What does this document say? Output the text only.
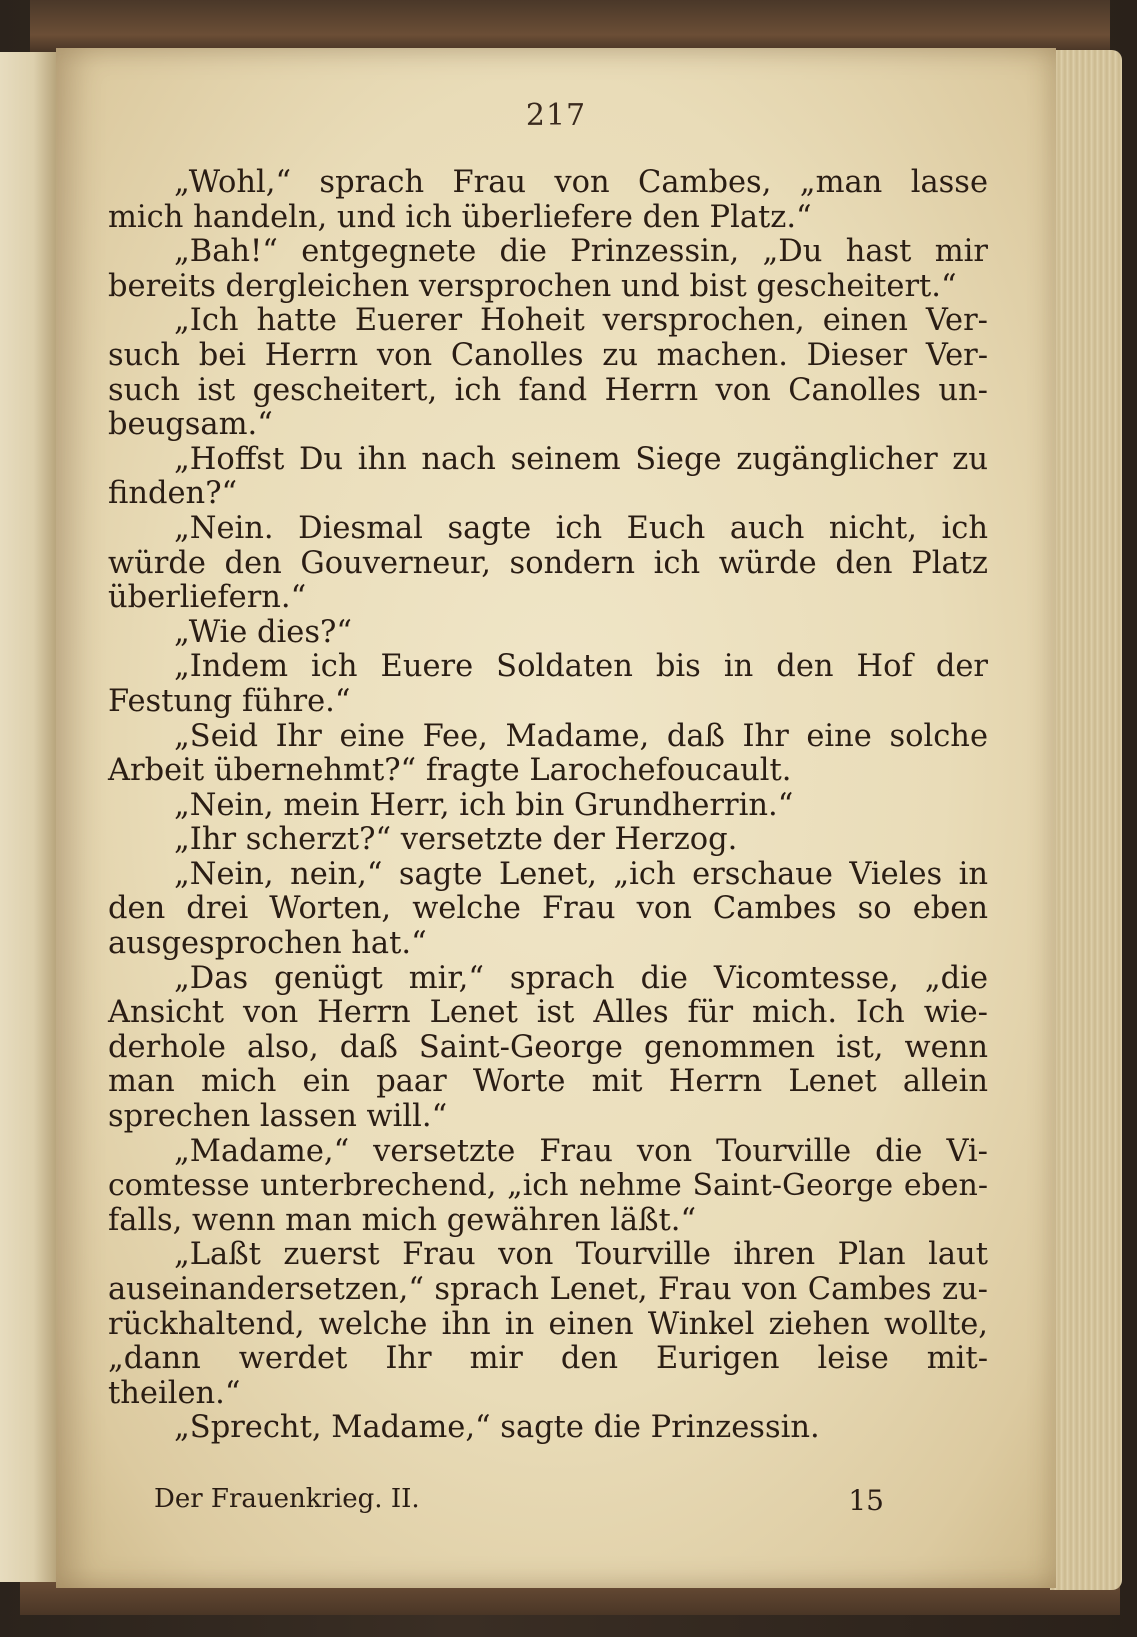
217
„Wohl,“ sprach Frau von Cambes, „man lasse
mich handeln, und ich überliefere den Platz.“
„Bah!“ entgegnete die Prinzessin, „Du hast mir
bereits dergleichen versprochen und bist gescheitert.“
„Ich hatte Euerer Hoheit versprochen, einen Ver-
such bei Herrn von Canolles zu machen. Dieser Ver-
such ist gescheitert, ich fand Herrn von Canolles un-
beugsam.“
„Hoffst Du ihn nach seinem Siege zugänglicher zu
finden?“
„Nein. Diesmal sagte ich Euch auch nicht, ich
würde den Gouverneur, sondern ich würde den Platz
überliefern.“
„Wie dies?“
„Indem ich Euere Soldaten bis in den Hof der
Festung führe.“
„Seid Ihr eine Fee, Madame, daß Ihr eine solche
Arbeit übernehmt?“ fragte Larochefoucault.
„Nein, mein Herr, ich bin Grundherrin.“
„Ihr scherzt?“ versetzte der Herzog.
„Nein, nein,“ sagte Lenet, „ich erschaue Vieles in
den drei Worten, welche Frau von Cambes so eben
ausgesprochen hat.“
„Das genügt mir,“ sprach die Vicomtesse, „die
Ansicht von Herrn Lenet ist Alles für mich. Ich wie-
derhole also, daß Saint-George genommen ist, wenn
man mich ein paar Worte mit Herrn Lenet allein
sprechen lassen will.“
„Madame,“ versetzte Frau von Tourville die Vi-
comtesse unterbrechend, „ich nehme Saint-George eben-
falls, wenn man mich gewähren läßt.“
„Laßt zuerst Frau von Tourville ihren Plan laut
auseinandersetzen,“ sprach Lenet, Frau von Cambes zu-
rückhaltend, welche ihn in einen Winkel ziehen wollte,
„dann werdet Ihr mir den Eurigen leise mit-
theilen.“
„Sprecht, Madame,“ sagte die Prinzessin.
Der Frauenkrieg. II.	15
